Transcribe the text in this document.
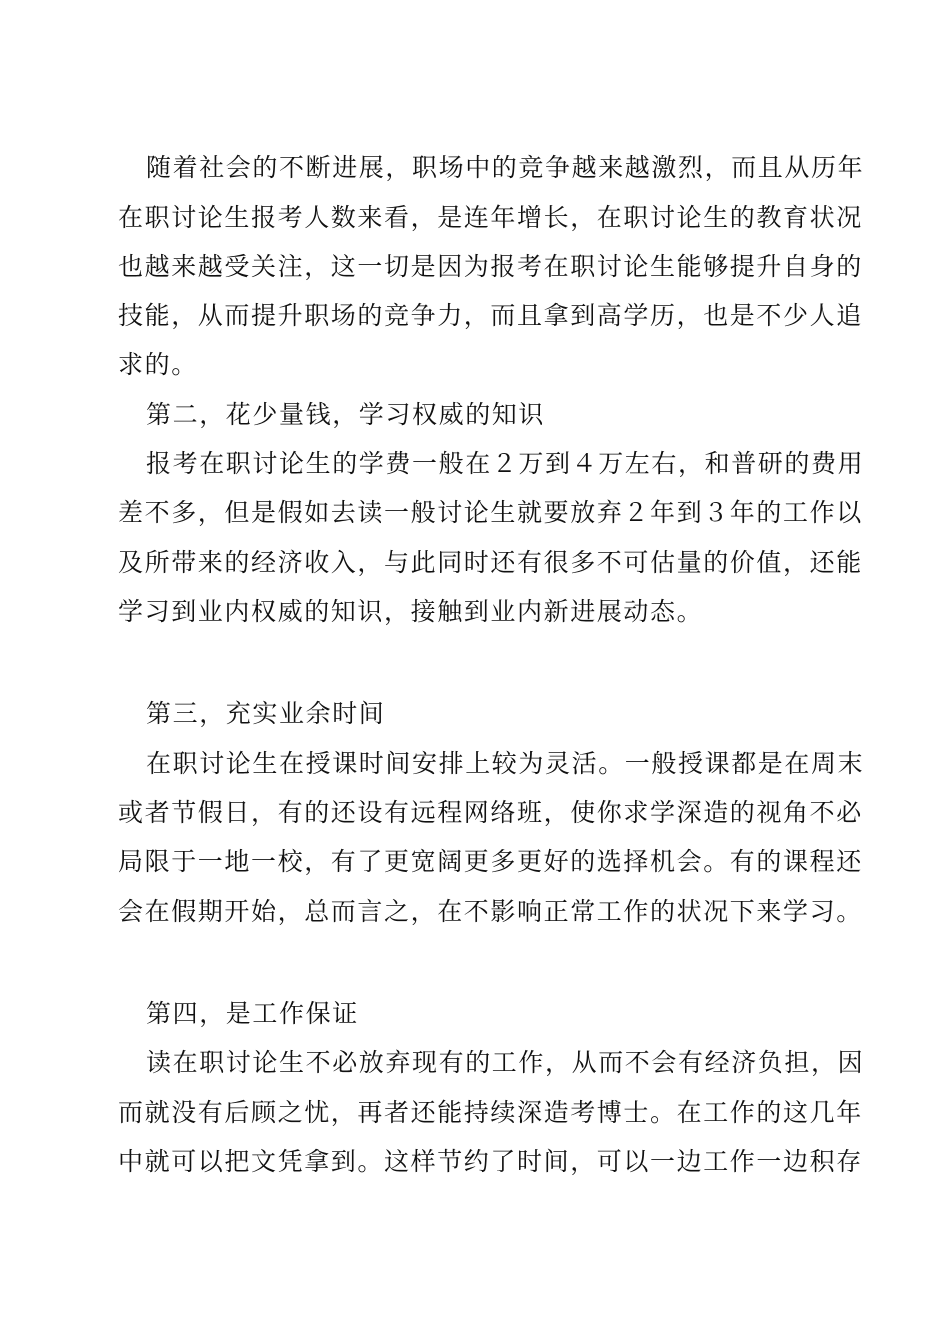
随着社会的不断进展，职场中的竞争越来越激烈，而且从历年
在职讨论生报考人数来看，是连年增长，在职讨论生的教育状况
也越来越受关注，这一切是因为报考在职讨论生能够提升自身的
技能，从而提升职场的竞争力，而且拿到高学历，也是不少人追
求的。
第二，花少量钱，学习权威的知识
报考在职讨论生的学费一般在２万到４万左右，和普研的费用
差不多，但是假如去读一般讨论生就要放弃２年到３年的工作以
及所带来的经济收入，与此同时还有很多不可估量的价值，还能
学习到业内权威的知识，接触到业内新进展动态。
第三，充实业余时间
在职讨论生在授课时间安排上较为灵活。一般授课都是在周末
或者节假日，有的还设有远程网络班，使你求学深造的视角不必
局限于一地一校，有了更宽阔更多更好的选择机会。有的课程还
会在假期开始，总而言之，在不影响正常工作的状况下来学习。
第四，是工作保证
读在职讨论生不必放弃现有的工作，从而不会有经济负担，因
而就没有后顾之忧，再者还能持续深造考博士。在工作的这几年
中就可以把文凭拿到。这样节约了时间，可以一边工作一边积存
